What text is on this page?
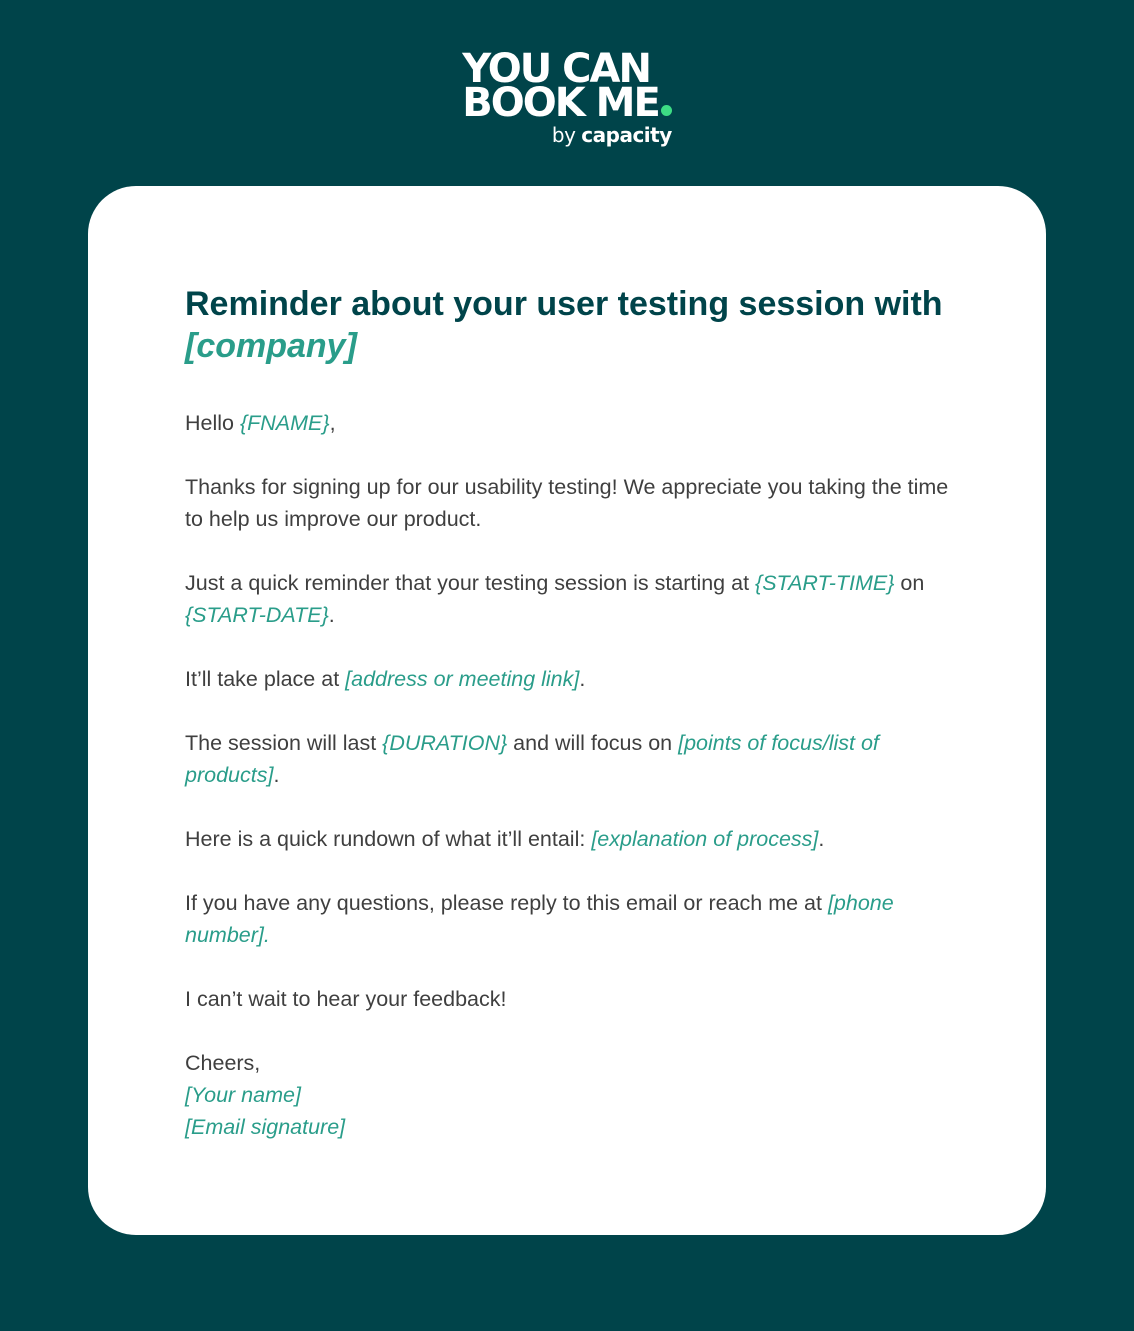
YOU CAN
BOOK ME
by capacity
Reminder about your user testing session with [company]

Hello {FNAME},

Thanks for signing up for our usability testing! We appreciate you taking the time to help us improve our product.

Just a quick reminder that your testing session is starting at {START-TIME} on {START-DATE}.

It’ll take place at [address or meeting link].

The session will last {DURATION} and will focus on [points of focus/list of products].

Here is a quick rundown of what it’ll entail: [explanation of process].

If you have any questions, please reply to this email or reach me at [phone number].

I can’t wait to hear your feedback!

Cheers,
[Your name]
[Email signature]
